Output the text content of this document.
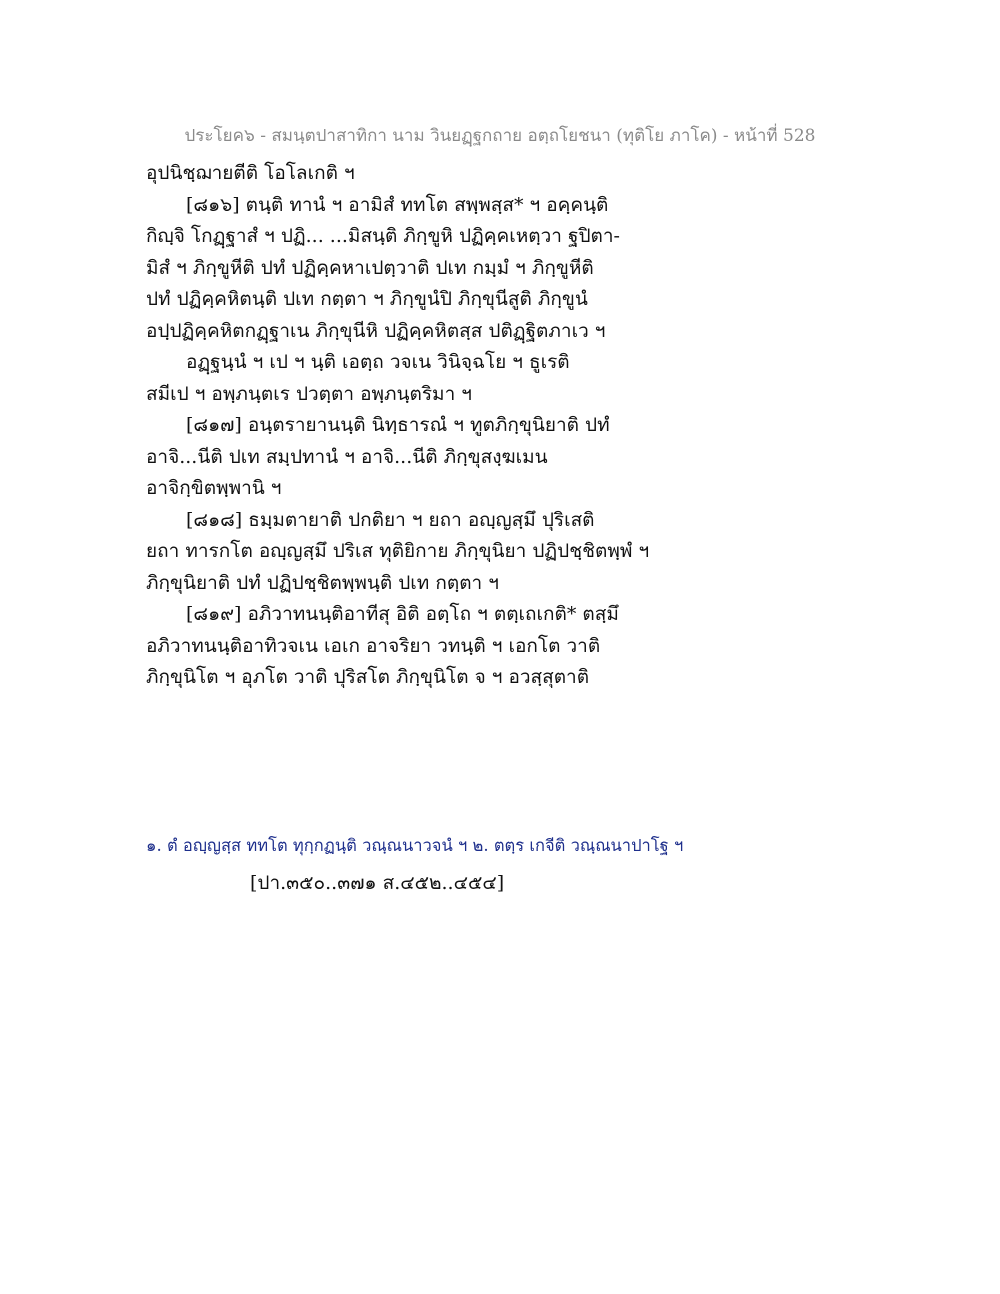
ประโยค๖ - สมนฺตปาสาทิกา นาม วินยฏฺฐกถาย อตฺถโยชนา (ทุติโย ภาโค) - หน้าที่ 528
อุปนิชฺฌายตีติ โอโลเกติ ฯ
[๘๑๖] ตนฺติ ทานํ ฯ อามิสํ ททโต สพฺพสฺส* ฯ อคฺคนฺติ
กิญฺจิ โกฏฺฐาสํ ฯ ปฏิ... ...มิสนฺติ ภิกฺขูหิ ปฏิคฺคเหตฺวา ฐปิตา-
มิสํ ฯ ภิกฺขูหีติ ปทํ ปฏิคฺคหาเปตฺวาติ ปเท กมฺมํ ฯ ภิกฺขูหีติ
ปทํ ปฏิคฺคหิตนฺติ ปเท กตฺตา ฯ ภิกฺขูนํปิ ภิกฺขุนีสูติ ภิกฺขูนํ
อปฺปฏิคฺคหิตกฏฺฐาเน ภิกฺขุนีหิ ปฏิคฺคหิตสฺส ปติฏฺฐิตภาเว ฯ
อฏฺฐนฺนํ ฯ เป ฯ นฺติ เอตฺถ วจเน วินิจฺฉโย ฯ ธูเรติ
สมีเป ฯ อพฺภนฺตเร ปวตฺตา อพฺภนฺตริมา ฯ
[๘๑๗] อนฺตรายานนฺติ นิทฺธารณํ ฯ ทูตภิกฺขุนิยาติ ปทํ
อาจิ...นีติ ปเท สมฺปทานํ ฯ อาจิ...นีติ ภิกฺขุสงฺฆเมน
อาจิกฺขิตพฺพานิ ฯ
[๘๑๘] ธมฺมตายาติ ปกติยา ฯ ยถา อญฺญสฺมึ ปุริเสติ
ยถา ทารกโต อญฺญสฺมึ ปริเส ทุติยิกาย ภิกฺขุนิยา ปฏิปชฺชิตพฺพํ ฯ
ภิกฺขุนิยาติ ปทํ ปฏิปชฺชิตพฺพนฺติ ปเท กตฺตา ฯ
[๘๑๙] อภิวาทนนฺติอาทีสุ อิติ อตฺโถ ฯ ตตฺเถเกติ* ตสฺมึ
อภิวาทนนฺติอาทิวจเน เอเก อาจริยา วทนฺติ ฯ เอกโต วาติ
ภิกฺขุนิโต ฯ อุภโต วาติ ปุริสโต ภิกฺขุนิโต จ ฯ อวสฺสุตาติ
๑. ตํ อญฺญสฺส ททโต ทุกฺกฏนฺติ วณฺณนาวจนํ ฯ ๒. ตตฺร เกจีติ วณฺณนาปาโฐ ฯ
[ปา.๓๕๐..๓๗๑ ส.๔๕๒..๔๕๔]
